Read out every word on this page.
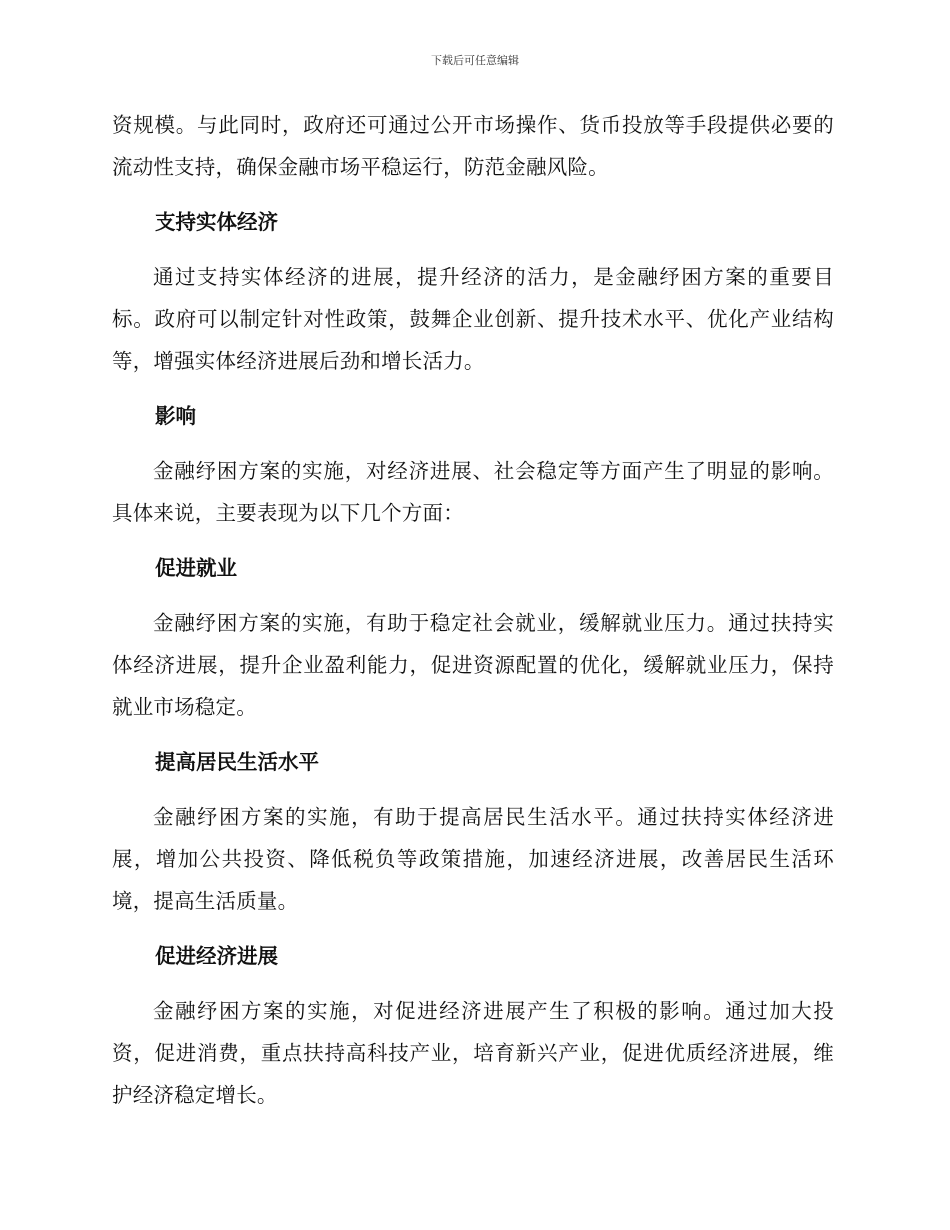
下载后可任意编辑

资规模。与此同时，政府还可通过公开市场操作、货币投放等手段提供必要的流动性支持，确保金融市场平稳运行，防范金融风险。

支持实体经济

通过支持实体经济的进展，提升经济的活力，是金融纾困方案的重要目标。政府可以制定针对性政策，鼓舞企业创新、提升技术水平、优化产业结构等，增强实体经济进展后劲和增长活力。

影响

金融纾困方案的实施，对经济进展、社会稳定等方面产生了明显的影响。具体来说，主要表现为以下几个方面：

促进就业

金融纾困方案的实施，有助于稳定社会就业，缓解就业压力。通过扶持实体经济进展，提升企业盈利能力，促进资源配置的优化，缓解就业压力，保持就业市场稳定。

提高居民生活水平

金融纾困方案的实施，有助于提高居民生活水平。通过扶持实体经济进展，增加公共投资、降低税负等政策措施，加速经济进展，改善居民生活环境，提高生活质量。

促进经济进展

金融纾困方案的实施，对促进经济进展产生了积极的影响。通过加大投资，促进消费，重点扶持高科技产业，培育新兴产业，促进优质经济进展，维护经济稳定增长。
